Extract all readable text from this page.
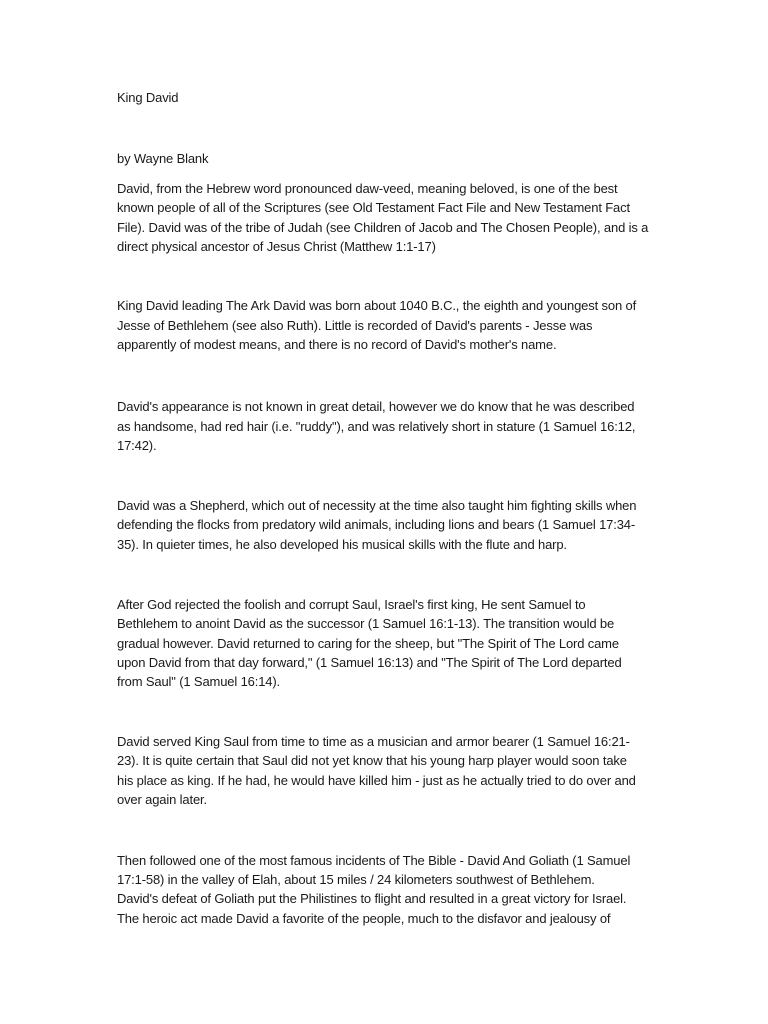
King David
by Wayne Blank
David, from the Hebrew word pronounced daw-veed, meaning beloved, is one of the best
known people of all of the Scriptures (see Old Testament Fact File and New Testament Fact
File). David was of the tribe of Judah (see Children of Jacob and The Chosen People), and is a
direct physical ancestor of Jesus Christ (Matthew 1:1-17)
King David leading The Ark David was born about 1040 B.C., the eighth and youngest son of
Jesse of Bethlehem (see also Ruth). Little is recorded of David's parents - Jesse was
apparently of modest means, and there is no record of David's mother's name.
David's appearance is not known in great detail, however we do know that he was described
as handsome, had red hair (i.e. "ruddy"), and was relatively short in stature (1 Samuel 16:12,
17:42).
David was a Shepherd, which out of necessity at the time also taught him fighting skills when
defending the flocks from predatory wild animals, including lions and bears (1 Samuel 17:34-
35). In quieter times, he also developed his musical skills with the flute and harp.
After God rejected the foolish and corrupt Saul, Israel's first king, He sent Samuel to
Bethlehem to anoint David as the successor (1 Samuel 16:1-13). The transition would be
gradual however. David returned to caring for the sheep, but "The Spirit of The Lord came
upon David from that day forward," (1 Samuel 16:13) and "The Spirit of The Lord departed
from Saul" (1 Samuel 16:14).
David served King Saul from time to time as a musician and armor bearer (1 Samuel 16:21-
23). It is quite certain that Saul did not yet know that his young harp player would soon take
his place as king. If he had, he would have killed him - just as he actually tried to do over and
over again later.
Then followed one of the most famous incidents of The Bible - David And Goliath (1 Samuel
17:1-58) in the valley of Elah, about 15 miles / 24 kilometers southwest of Bethlehem.
David's defeat of Goliath put the Philistines to flight and resulted in a great victory for Israel.
The heroic act made David a favorite of the people, much to the disfavor and jealousy of
